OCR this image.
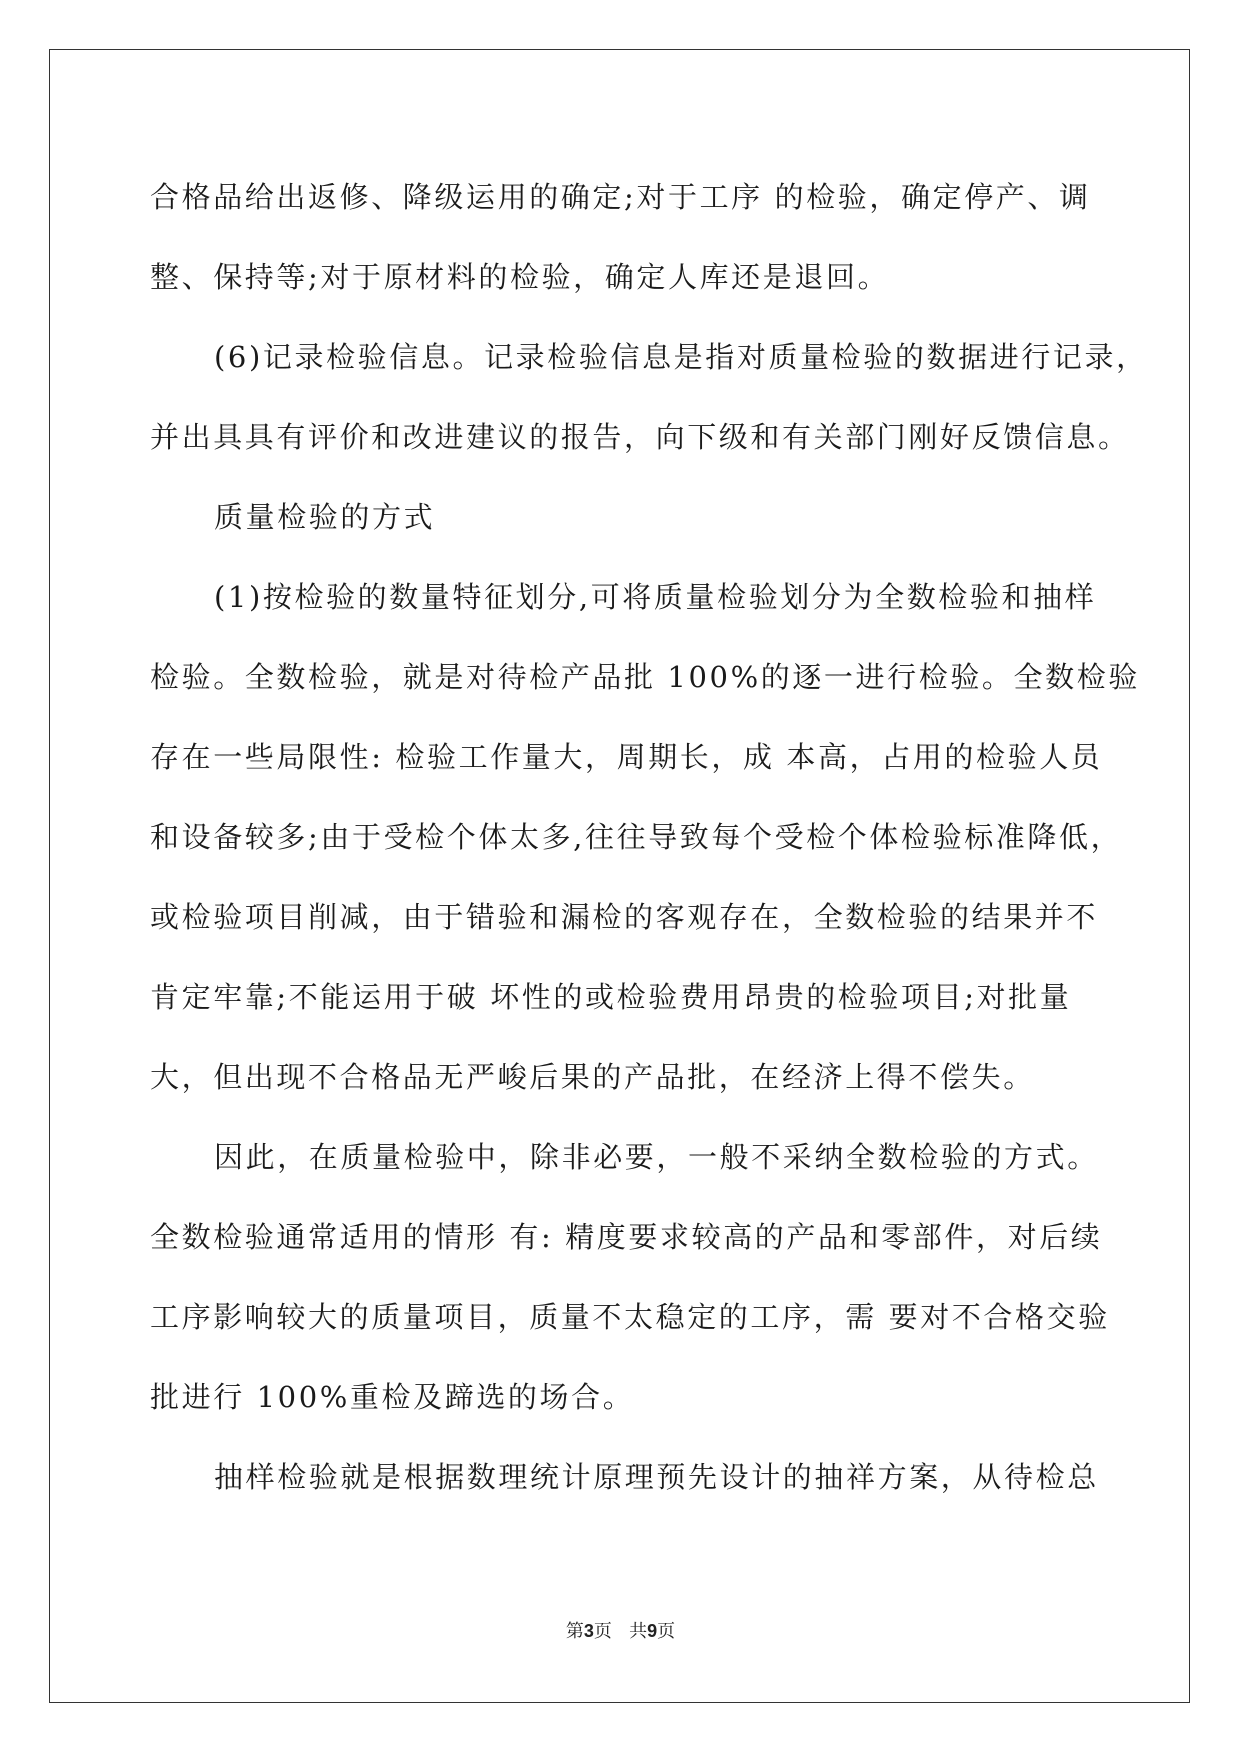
合格品给出返修、降级运用的确定;对于工序 的检验，确定停产、调
整、保持等;对于原材料的检验，确定人库还是退回。
(6)记录检验信息。记录检验信息是指对质量检验的数据进行记录，
并出具具有评价和改进建议的报告，向下级和有关部门刚好反馈信息。
质量检验的方式
(1)按检验的数量特征划分,可将质量检验划分为全数检验和抽样
检验。全数检验，就是对待检产品批 100%的逐一进行检验。全数检验
存在一些局限性: 检验工作量大，周期长，成 本高，占用的检验人员
和设备较多;由于受检个体太多,往往导致每个受检个体检验标准降低，
或检验项目削减，由于错验和漏检的客观存在，全数检验的结果并不
肯定牢靠;不能运用于破 坏性的或检验费用昂贵的检验项目;对批量
大，但出现不合格品无严峻后果的产品批，在经济上得不偿失。
因此，在质量检验中，除非必要，一般不采纳全数检验的方式。
全数检验通常适用的情形 有: 精度要求较高的产品和零部件，对后续
工序影响较大的质量项目，质量不太稳定的工序，需 要对不合格交验
批进行 100%重检及蹄选的场合。
抽样检验就是根据数理统计原理预先设计的抽祥方案，从待检总
第3页 共9页
